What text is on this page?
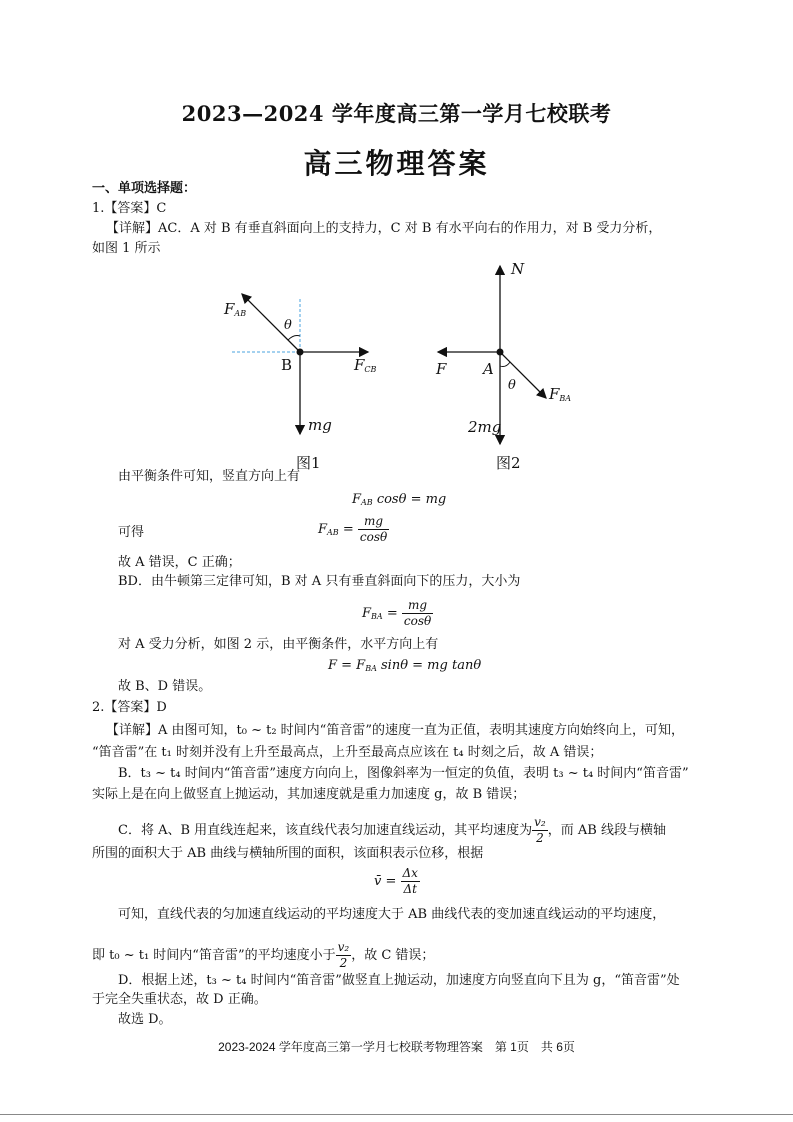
2023—2024 学年度高三第一学月七校联考
高三物理答案
一、单项选择题：
1.【答案】C
【详解】AC．A 对 B 有垂直斜面向上的支持力，C 对 B 有水平向右的作用力，对 B 受力分析，
如图 1 所示
$F_{AB}$
θ
B	$F_{CB}$
mg
图1
N
F A
θ $F_{BA}$
2mg
图2
由平衡条件可知，竖直方向上有
$F_{AB}$ cosθ = mg
可得	$F_{AB} = \frac{mg}{\cos\theta}$
故 A 错误，C 正确；
BD．由牛顿第三定律可知，B 对 A 只有垂直斜面向下的压力，大小为
$F_{BA} = \frac{mg}{\cos\theta}$
对 A 受力分析，如图 2 示，由平衡条件，水平方向上有
$F = F_{BA}$ sinθ = mg tanθ
故 B、D 错误。
2.【答案】D
【详解】A 由图可知，t₀ ~ t₂ 时间内“笛音雷”的速度一直为正值，表明其速度方向始终向上，可知，
“笛音雷”在 t₁ 时刻并没有上升至最高点，上升至最高点应该在 t₄ 时刻之后，故 A 错误；
B．t₃ ~ t₄ 时间内“笛音雷”速度方向向上，图像斜率为一恒定的负值，表明 t₃ ~ t₄ 时间内“笛音雷”
实际上是在向上做竖直上抛运动，其加速度就是重力加速度 g，故 B 错误；
C．将 A、B 用直线连起来，该直线代表匀加速直线运动，其平均速度为 $\frac{\text{v₂}}{2}$ ，而 AB 线段与横轴
所围的面积大于 AB 曲线与横轴所围的面积，该面积表示位移，根据
v̄ = $\frac{\Delta x}{\Delta t}$
可知，直线代表的匀加速直线运动的平均速度大于 AB 曲线代表的变加速直线运动的平均速度，
即 t₀ ~ t₁ 时间内“笛音雷”的平均速度小于 $\frac{\text{v₂}}{2}$ ，故 C 错误；
D．根据上述，t₃ ~ t₄ 时间内“笛音雷”做竖直上抛运动，加速度方向竖直向下且为 g，“笛音雷”处
于完全失重状态，故 D 正确。
故选 D。
2023-2024 学年度高三第一学月七校联考物理答案　第 1页　共 6页
